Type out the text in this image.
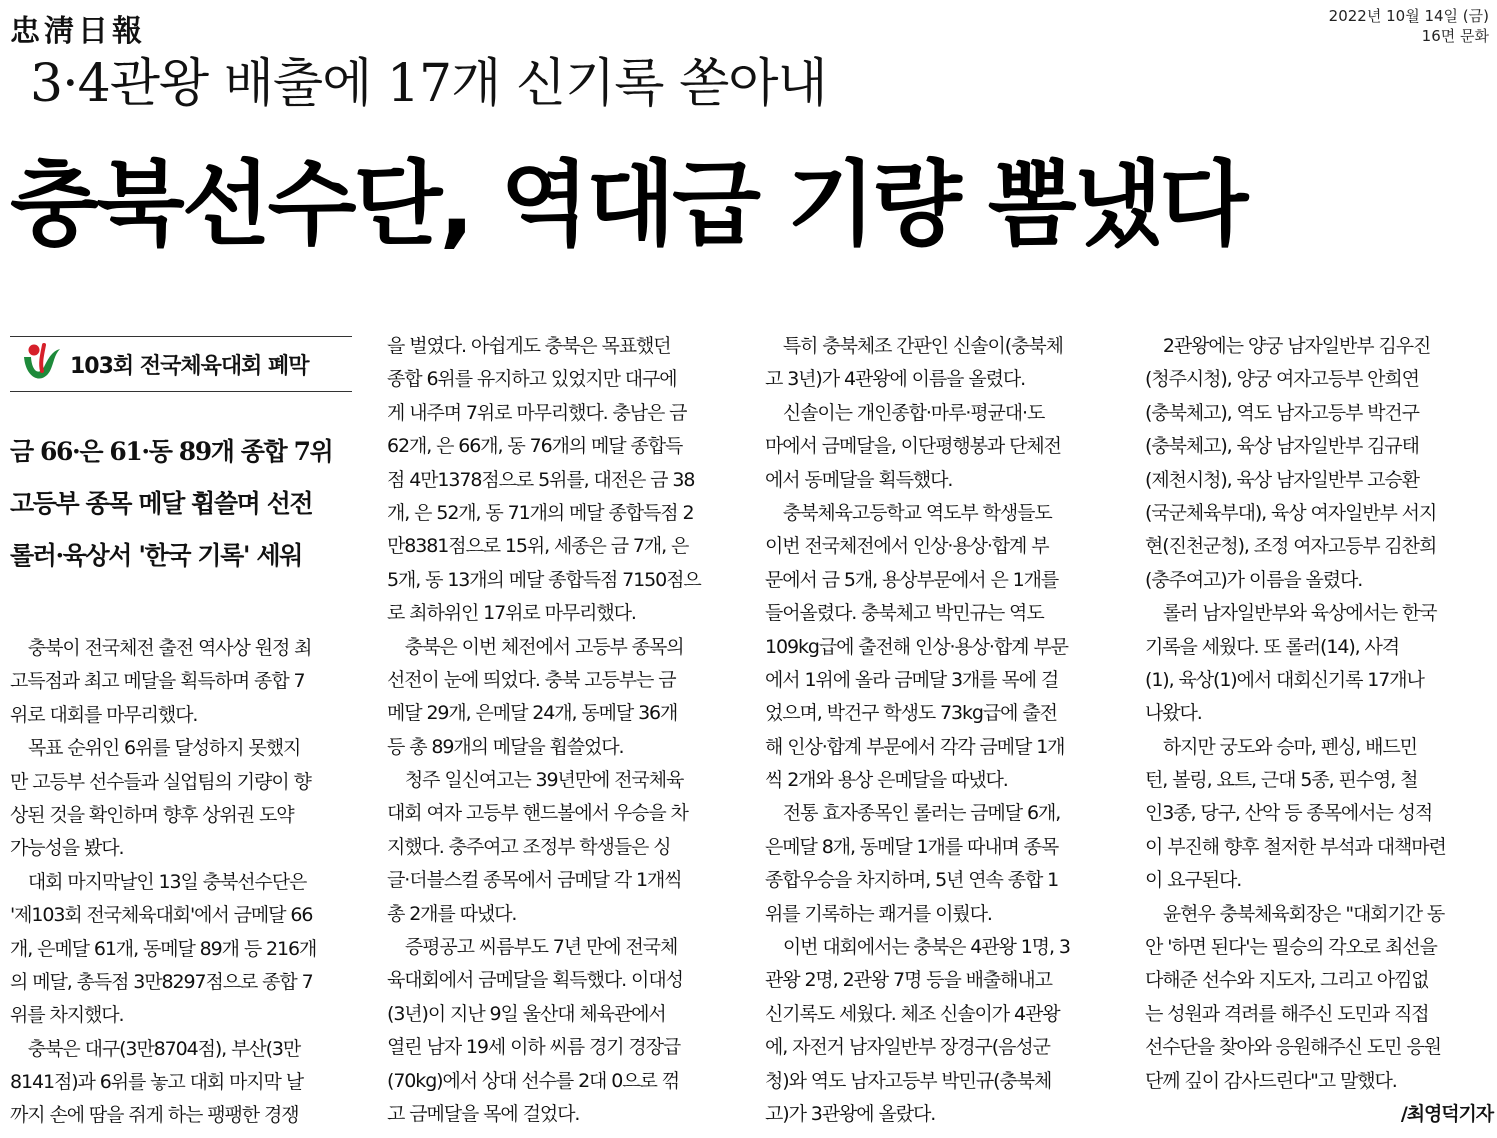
忠淸日報	2022년 10월 14일 (금)
16면 문화
3·4관왕 배출에 17개 신기록 쏟아내
충북선수단, 역대급 기량 뽐냈다
103회 전국체육대회 폐막
금 66·은 61·동 89개 종합 7위
고등부 종목 메달 휩쓸며 선전
롤러·육상서 '한국 기록' 세워
　충북이 전국체전 출전 역사상 원정 최
고득점과 최고 메달을 획득하며 종합 7
위로 대회를 마무리했다.
　목표 순위인 6위를 달성하지 못했지
만 고등부 선수들과 실업팀의 기량이 향
상된 것을 확인하며 향후 상위권 도약
가능성을 봤다.
　대회 마지막날인 13일 충북선수단은
'제103회 전국체육대회'에서 금메달 66
개, 은메달 61개, 동메달 89개 등 216개
의 메달, 총득점 3만8297점으로 종합 7
위를 차지했다.
　충북은 대구(3만8704점), 부산(3만
8141점)과 6위를 놓고 대회 마지막 날
까지 손에 땀을 쥐게 하는 팽팽한 경쟁
을 벌였다. 아쉽게도 충북은 목표했던
종합 6위를 유지하고 있었지만 대구에
게 내주며 7위로 마무리했다. 충남은 금
62개, 은 66개, 동 76개의 메달 종합득
점 4만1378점으로 5위를, 대전은 금 38
개, 은 52개, 동 71개의 메달 종합득점 2
만8381점으로 15위, 세종은 금 7개, 은
5개, 동 13개의 메달 종합득점 7150점으
로 최하위인 17위로 마무리했다.
　충북은 이번 체전에서 고등부 종목의
선전이 눈에 띄었다. 충북 고등부는 금
메달 29개, 은메달 24개, 동메달 36개
등 총 89개의 메달을 휩쓸었다.
　청주 일신여고는 39년만에 전국체육
대회 여자 고등부 핸드볼에서 우승을 차
지했다. 충주여고 조정부 학생들은 싱
글·더블스컬 종목에서 금메달 각 1개씩
총 2개를 따냈다.
　증평공고 씨름부도 7년 만에 전국체
육대회에서 금메달을 획득했다. 이대성
(3년)이 지난 9일 울산대 체육관에서
열린 남자 19세 이하 씨름 경기 경장급
(70kg)에서 상대 선수를 2대 0으로 꺾
고 금메달을 목에 걸었다.
　특히 충북체조 간판인 신솔이(충북체
고 3년)가 4관왕에 이름을 올렸다.
　신솔이는 개인종합·마루·평균대·도
마에서 금메달을, 이단평행봉과 단체전
에서 동메달을 획득했다.
　충북체육고등학교 역도부 학생들도
이번 전국체전에서 인상·용상·합계 부
문에서 금 5개, 용상부문에서 은 1개를
들어올렸다. 충북체고 박민규는 역도
109kg급에 출전해 인상·용상·합계 부문
에서 1위에 올라 금메달 3개를 목에 걸
었으며, 박건구 학생도 73kg급에 출전
해 인상·합계 부문에서 각각 금메달 1개
씩 2개와 용상 은메달을 따냈다.
　전통 효자종목인 롤러는 금메달 6개,
은메달 8개, 동메달 1개를 따내며 종목
종합우승을 차지하며, 5년 연속 종합 1
위를 기록하는 쾌거를 이뤘다.
　이번 대회에서는 충북은 4관왕 1명, 3
관왕 2명, 2관왕 7명 등을 배출해내고
신기록도 세웠다. 체조 신솔이가 4관왕
에, 자전거 남자일반부 장경구(음성군
청)와 역도 남자고등부 박민규(충북체
고)가 3관왕에 올랐다.
　2관왕에는 양궁 남자일반부 김우진
(청주시청), 양궁 여자고등부 안희연
(충북체고), 역도 남자고등부 박건구
(충북체고), 육상 남자일반부 김규태
(제천시청), 육상 남자일반부 고승환
(국군체육부대), 육상 여자일반부 서지
현(진천군청), 조정 여자고등부 김찬희
(충주여고)가 이름을 올렸다.
　롤러 남자일반부와 육상에서는 한국
기록을 세웠다. 또 롤러(14), 사격
(1), 육상(1)에서 대회신기록 17개나
나왔다.
　하지만 궁도와 승마, 펜싱, 배드민
턴, 볼링, 요트, 근대 5종, 핀수영, 철
인3종, 당구, 산악 등 종목에서는 성적
이 부진해 향후 철저한 부석과 대책마련
이 요구된다.
　윤현우 충북체육회장은 "대회기간 동
안 '하면 된다'는 필승의 각오로 최선을
다해준 선수와 지도자, 그리고 아낌없
는 성원과 격려를 해주신 도민과 직접
선수단을 찾아와 응원해주신 도민 응원
단께 깊이 감사드린다"고 말했다.
/최영덕기자
